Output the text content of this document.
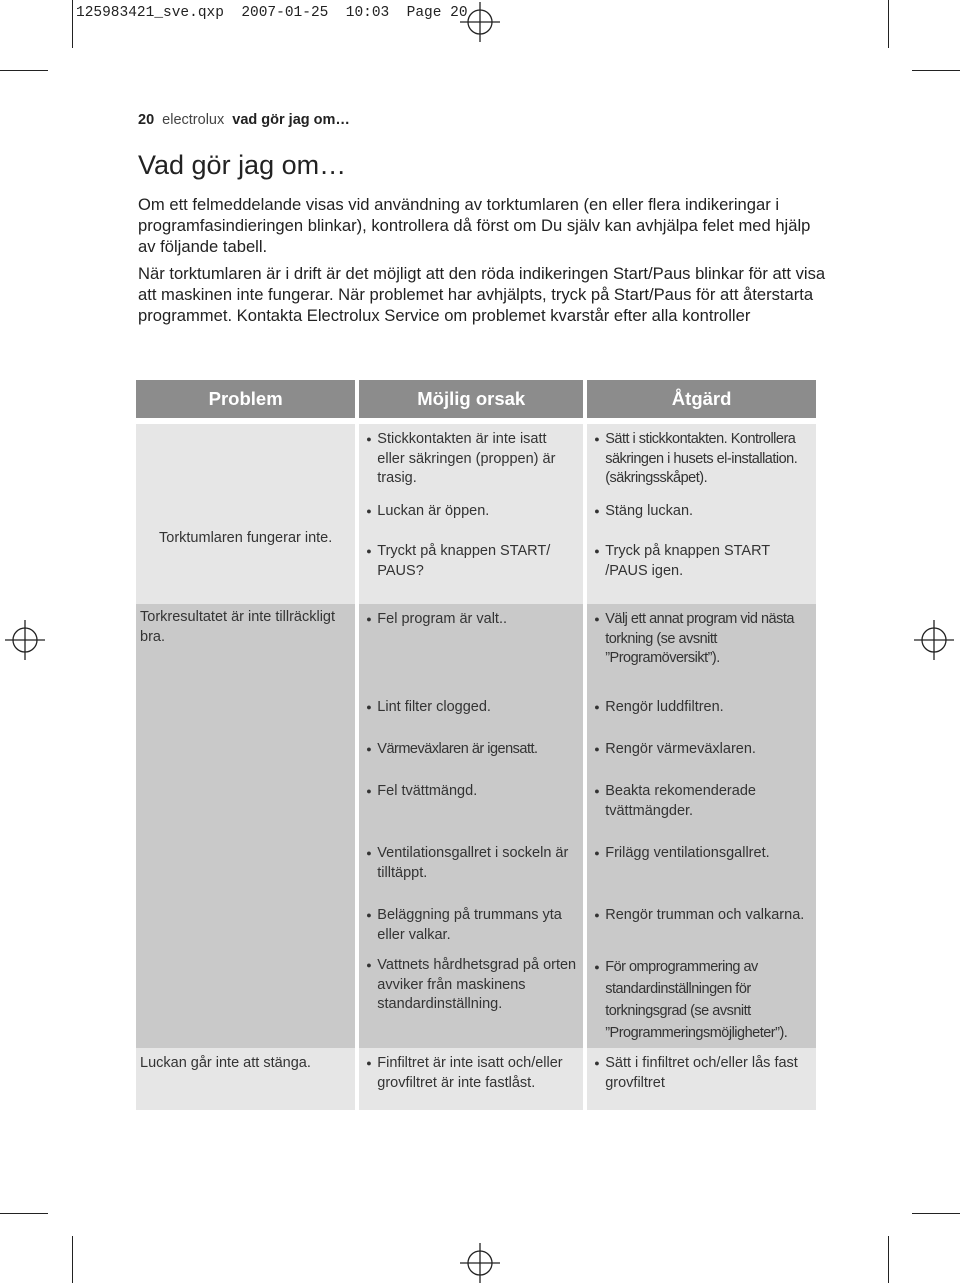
125983421_sve.qxp  2007-01-25  10:03  Page 20
20 electrolux vad gör jag om…
Vad gör jag om…

Om ett felmeddelande visas vid användning av torktumlaren (en eller flera indikeringar i programfasindieringen blinkar), kontrollera då först om Du själv kan avhjälpa felet med hjälp av följande tabell.

När torktumlaren är i drift är det möjligt att den röda indikeringen Start/Paus blinkar för att visa att maskinen inte fungerar. När problemet har avhjälpts, tryck på Start/Paus för att återstarta programmet. Kontakta Electrolux Service om problemet kvarstår efter alla kontroller

Problem	Möjlig orsak	Åtgärd

Torktumlaren fungerar inte.	● Stickkontakten är inte isatt eller säkringen (proppen) är trasig.	● Sätt i stickkontakten. Kontrollera säkringen i husets el-installation.(säkringsskåpet).

	● Luckan är öppen.	● Stäng luckan.

	● Tryckt på knappen START/ PAUS?	● Tryck på knappen START /PAUS igen.

Torkresultatet är inte tillräckligt bra.	● Fel program är valt..	● Välj ett annat program vid nästa torkning (se avsnitt ”Programöversikt”).

	● Lint filter clogged.	● Rengör luddfiltren.

	● Värmeväxlaren är igensatt.	● Rengör värmeväxlaren.

	● Fel tvättmängd.	● Beakta rekomenderade tvättmängder.

	● Ventilationsgallret i sockeln är tilltäppt.	● Frilägg ventilationsgallret.

	● Beläggning på trummans yta eller valkar.	● Rengör trumman och valkarna.

	● Vattnets hårdhetsgrad på orten avviker från maskinens standardinställning.	● För omprogrammering av standardinställningen för torkningsgrad (se avsnitt ”Programmeringsmöjligheter”).

Luckan går inte att stänga.	● Finfiltret är inte isatt och/eller grovfiltret är inte fastlåst.	● Sätt i finfiltret och/eller lås fast grovfiltret
